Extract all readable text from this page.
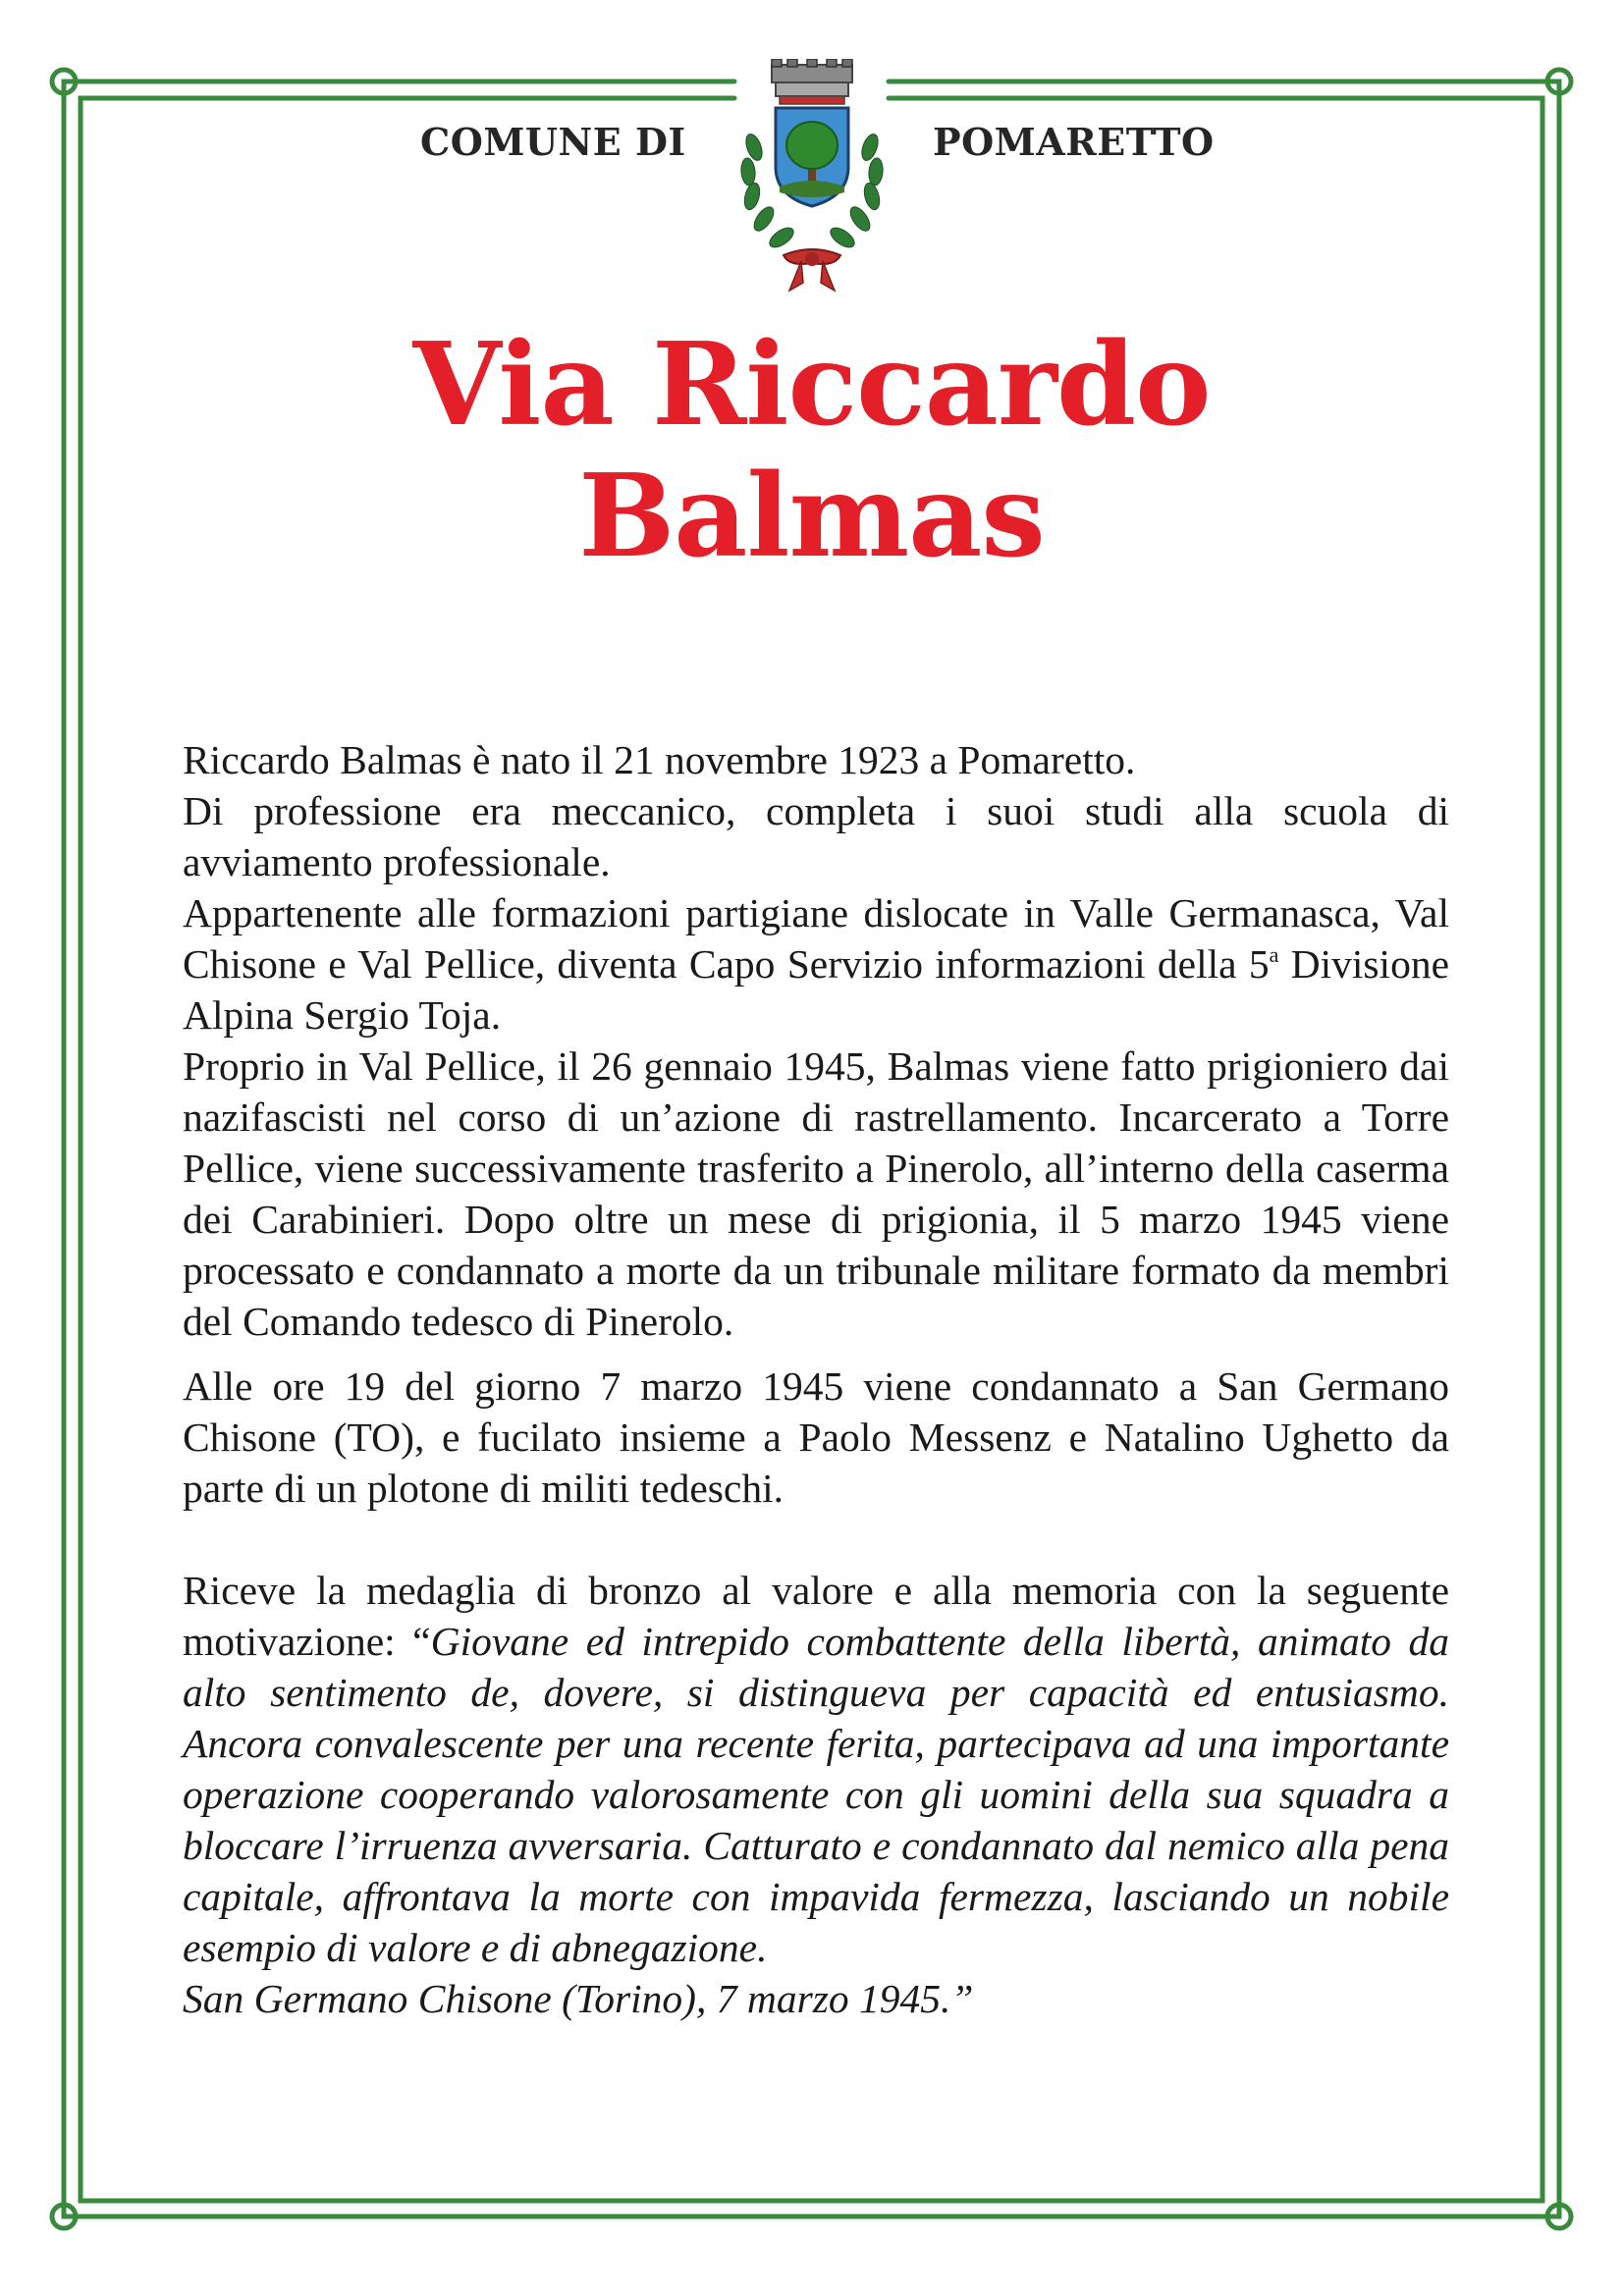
COMUNE DI	POMARETTO
Via Riccardo
Balmas

Riccardo Balmas è nato il 21 novembre 1923 a Pomaretto.

Di professione era meccanico, completa i suoi studi alla scuola di avviamento professionale.

Appartenente alle formazioni partigiane dislocate in Valle Germanasca, Val Chisone e Val Pellice, diventa Capo Servizio informazioni della 5$^a$ Divisione Alpina Sergio Toja.

Proprio in Val Pellice, il 26 gennaio 1945, Balmas viene fatto prigioniero dai nazifascisti nel corso di un’azione di rastrellamento. Incarcerato a Torre Pellice, viene successivamente trasferito a Pinerolo, all’interno della caserma dei Carabinieri. Dopo oltre un mese di prigionia, il 5 marzo 1945 viene processato e condannato a morte da un tribunale militare formato da membri del Comando tedesco di Pinerolo.

Alle ore 19 del giorno 7 marzo 1945 viene condannato a San Germano Chisone (TO), e fucilato insieme a Paolo Messenz e Natalino Ughetto da parte di un plotone di militi tedeschi.

Riceve la medaglia di bronzo al valore e alla memoria con la seguente motivazione: “Giovane ed intrepido combattente della libertà, animato da alto sentimento de, dovere, si distingueva per capacità ed entusiasmo. Ancora convalescente per una recente ferita, partecipava ad una importante operazione cooperando valorosamente con gli uomini della sua squadra a bloccare l’irruenza avversaria. Catturato e condannato dal nemico alla pena capitale, affrontava la morte con impavida fermezza, lasciando un nobile esempio di valore e di abnegazione.

San Germano Chisone (Torino), 7 marzo 1945.”
